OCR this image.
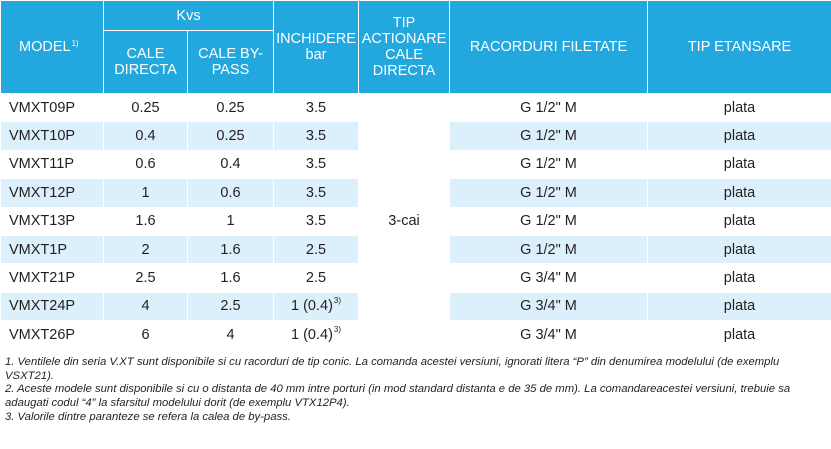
MODEL$^{1)}$	Kvs		INCHIDERE bar	TIP ACTIONARE CALE DIRECTA	RACORDURI FILETATE	TIP ETANSARE
	CALE DIRECTA	CALE BY-PASS				
VMXT09P	0.25	0.25	3.5	3-cai	G 1/2" M	plata
VMXT10P	0.4	0.25	3.5		G 1/2" M	plata
VMXT11P	0.6	0.4	3.5		G 1/2" M	plata
VMXT12P	1	0.6	3.5		G 1/2" M	plata
VMXT13P	1.6	1	3.5		G 1/2" M	plata
VMXT1P	2	1.6	2.5		G 1/2" M	plata
VMXT21P	2.5	1.6	2.5		G 3/4" M	plata
VMXT24P	4	2.5	1 $(0.4)^{3)}$		G 3/4" M	plata
VMXT26P	6	4	1 $(0.4)^{3)}$		G 3/4" M	plata

1. Ventilele din seria V.XT sunt disponibile si cu racorduri de tip conic. La comanda acestei versiuni, ignorati litera “P” din denumirea modelului (de exemplu VSXT21).

2. Aceste modele sunt disponibile si cu o distanta de 40 mm intre porturi (in mod standard distanta e de 35 de mm). La comandareacestei versiuni, trebuie sa adaugati codul “4” la sfarsitul modelului dorit (de exemplu VTX12P4).

3. Valorile dintre paranteze se refera la calea de by-pass.
